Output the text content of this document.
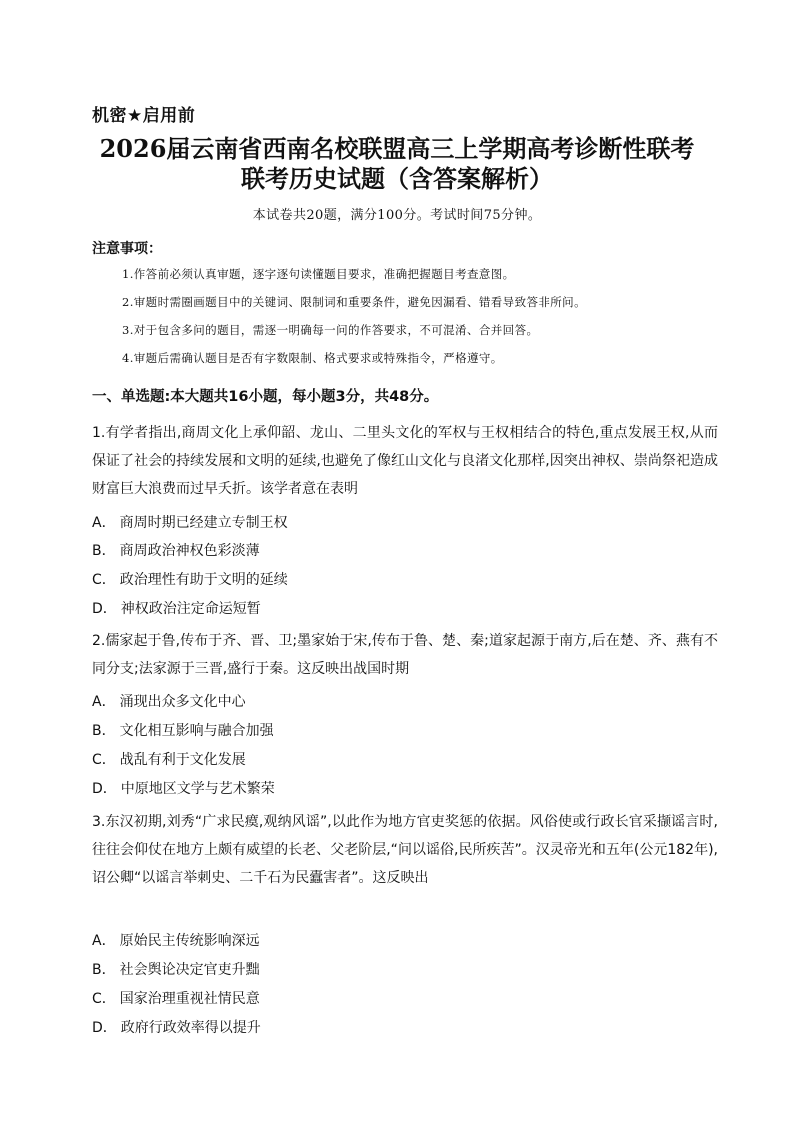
机密★启用前
2026届云南省西南名校联盟高三上学期高考诊断性联考
联考历史试题（含答案解析）
本试卷共20题，满分100分。考试时间75分钟。
注意事项：
1.作答前必须认真审题，逐字逐句读懂题目要求，准确把握题目考查意图。
2.审题时需圈画题目中的关键词、限制词和重要条件，避免因漏看、错看导致答非所问。
3.对于包含多问的题目，需逐一明确每一问的作答要求，不可混淆、合并回答。
4.审题后需确认题目是否有字数限制、格式要求或特殊指令，严格遵守。
一、单选题:本大题共16小题，每小题3分，共48分。
1.有学者指出,商周文化上承仰韶、龙山、二里头文化的军权与王权相结合的特色,重点发展王权,从而保证了社会的持续发展和文明的延续,也避免了像红山文化与良渚文化那样,因突出神权、崇尚祭祀造成财富巨大浪费而过早夭折。该学者意在表明
A． 商周时期已经建立专制王权
B． 商周政治神权色彩淡薄
C． 政治理性有助于文明的延续
D． 神权政治注定命运短暂
2.儒家起于鲁,传布于齐、晋、卫;墨家始于宋,传布于鲁、楚、秦;道家起源于南方,后在楚、齐、燕有不同分支;法家源于三晋,盛行于秦。这反映出战国时期
A． 涌现出众多文化中心
B． 文化相互影响与融合加强
C． 战乱有利于文化发展
D． 中原地区文学与艺术繁荣
3.东汉初期,刘秀“广求民瘼,观纳风谣”,以此作为地方官吏奖惩的依据。风俗使或行政长官采撷谣言时,往往会仰仗在地方上颇有威望的长老、父老阶层,“问以谣俗,民所疾苦”。汉灵帝光和五年(公元182年),诏公卿“以谣言举刺史、二千石为民蠹害者”。这反映出
A． 原始民主传统影响深远
B． 社会舆论决定官吏升黜
C． 国家治理重视社情民意
D． 政府行政效率得以提升
